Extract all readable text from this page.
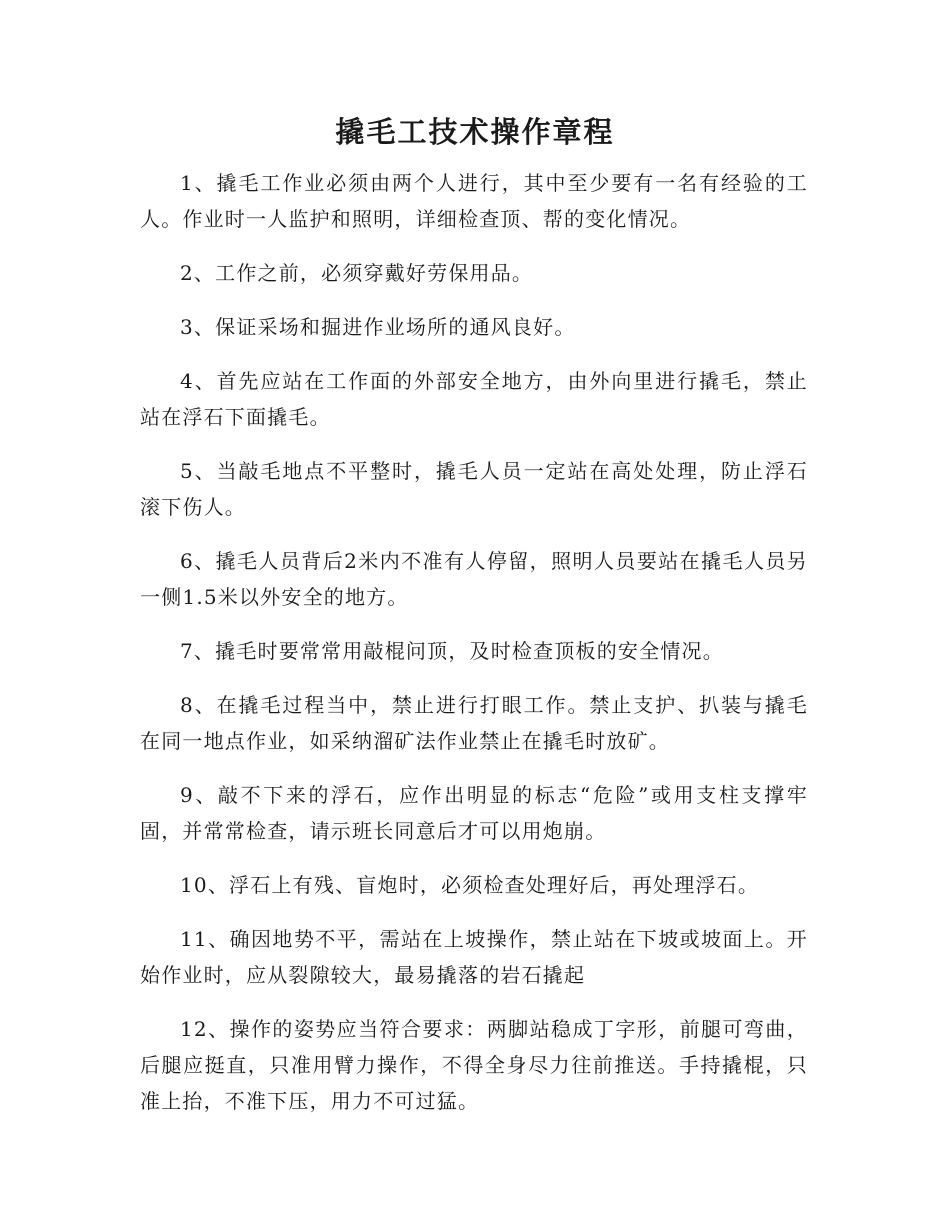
撬毛工技术操作章程

1、撬毛工作业必须由两个人进行，其中至少要有一名有经验的工人。作业时一人监护和照明，详细检查顶、帮的变化情况。

2、工作之前，必须穿戴好劳保用品。

3、保证采场和掘进作业场所的通风良好。

4、首先应站在工作面的外部安全地方，由外向里进行撬毛，禁止站在浮石下面撬毛。

5、当敲毛地点不平整时，撬毛人员一定站在高处处理，防止浮石滚下伤人。

6、撬毛人员背后2米内不准有人停留，照明人员要站在撬毛人员另一侧1.5米以外安全的地方。

7、撬毛时要常常用敲棍问顶，及时检查顶板的安全情况。

8、在撬毛过程当中，禁止进行打眼工作。禁止支护、扒装与撬毛在同一地点作业，如采纳溜矿法作业禁止在撬毛时放矿。

9、敲不下来的浮石，应作出明显的标志“危险”或用支柱支撑牢固，并常常检查，请示班长同意后才可以用炮崩。

10、浮石上有残、盲炮时，必须检查处理好后，再处理浮石。

11、确因地势不平，需站在上坡操作，禁止站在下坡或坡面上。开始作业时，应从裂隙较大，最易撬落的岩石撬起

12、操作的姿势应当符合要求：两脚站稳成丁字形，前腿可弯曲，后腿应挺直，只准用臂力操作，不得全身尽力往前推送。手持撬棍，只准上抬，不准下压，用力不可过猛。
